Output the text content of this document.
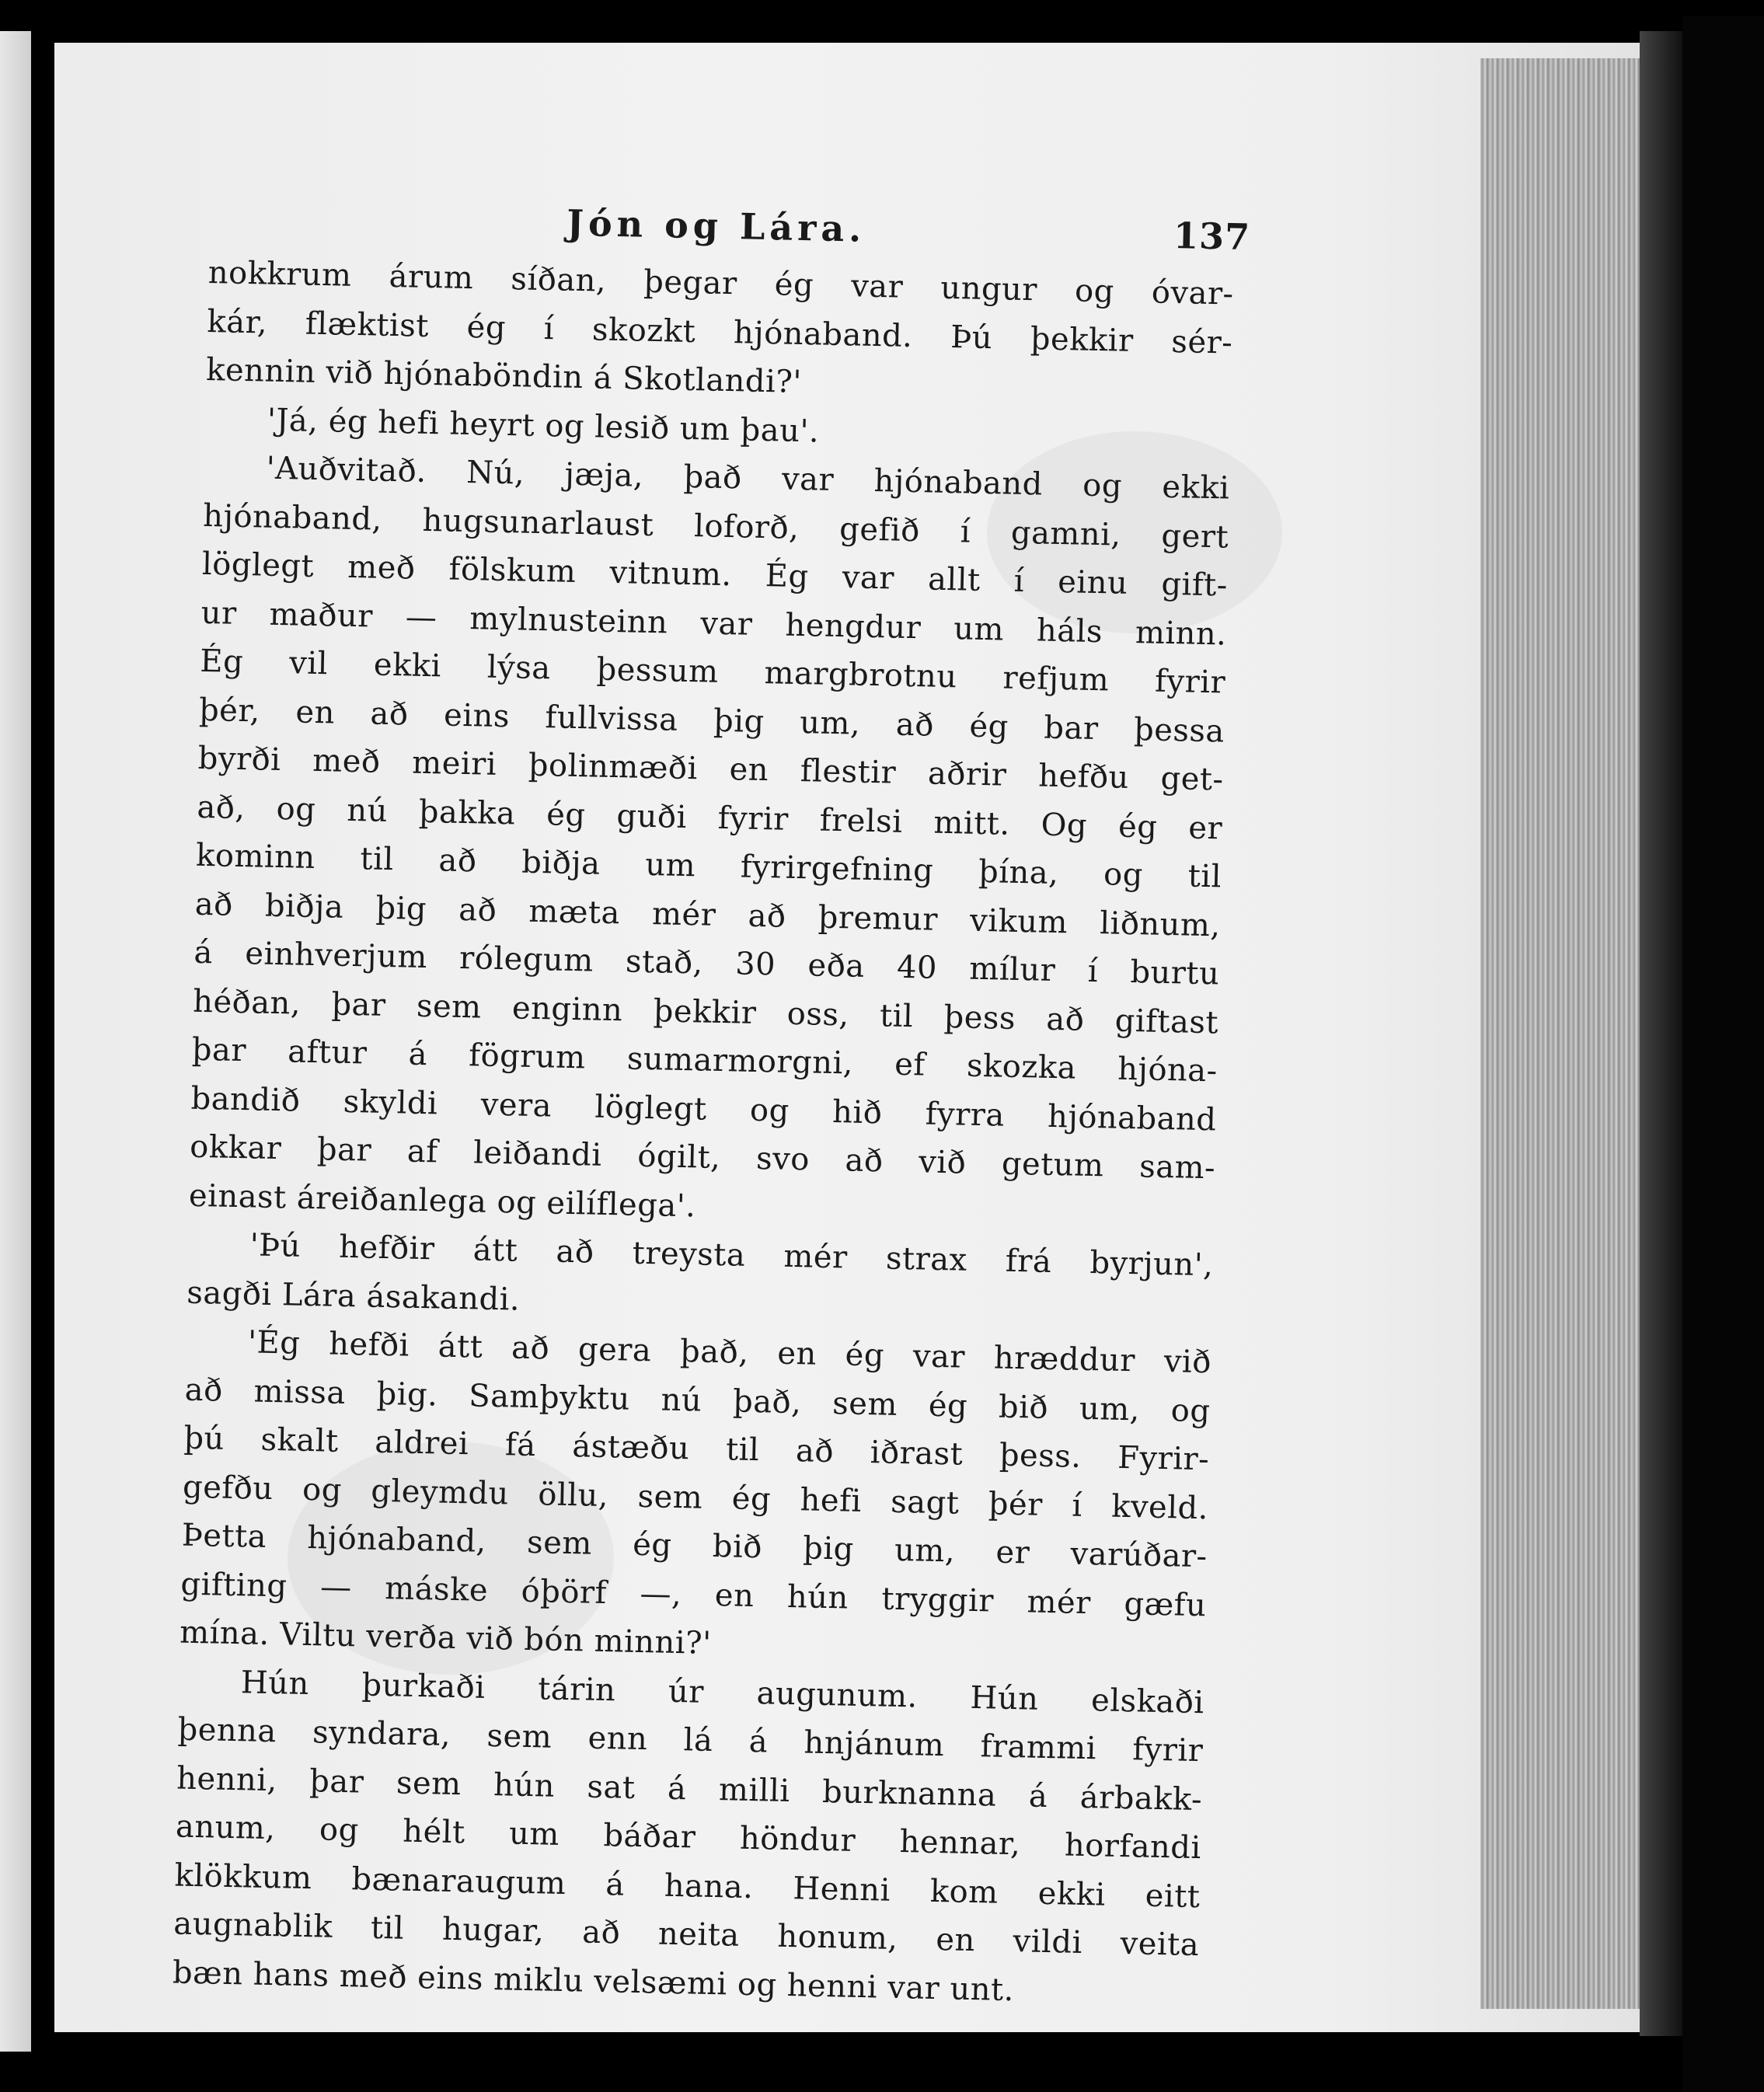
Jón og Lára.	137
nokkrum árum síðan, þegar ég var ungur og óvar-
kár, flæktist ég í skozkt hjónaband. Þú þekkir sér-
kennin við hjónaböndin á Skotlandi?'
'Já, ég hefi heyrt og lesið um þau'.
'Auðvitað. Nú, jæja, það var hjónaband og ekki
hjónaband, hugsunarlaust loforð, gefið í gamni, gert
löglegt með fölskum vitnum. Ég var allt í einu gift-
ur maður — mylnusteinn var hengdur um háls minn.
Ég vil ekki lýsa þessum margbrotnu refjum fyrir
þér, en að eins fullvissa þig um, að ég bar þessa
byrði með meiri þolinmæði en flestir aðrir hefðu get-
að, og nú þakka ég guði fyrir frelsi mitt. Og ég er
kominn til að biðja um fyrirgefning þína, og til
að biðja þig að mæta mér að þremur vikum liðnum,
á einhverjum rólegum stað, 30 eða 40 mílur í burtu
héðan, þar sem enginn þekkir oss, til þess að giftast
þar aftur á fögrum sumarmorgni, ef skozka hjóna-
bandið skyldi vera löglegt og hið fyrra hjónaband
okkar þar af leiðandi ógilt, svo að við getum sam-
einast áreiðanlega og eilíflega'.
'Þú hefðir átt að treysta mér strax frá byrjun',
sagði Lára ásakandi.
'Ég hefði átt að gera það, en ég var hræddur við
að missa þig. Samþyktu nú það, sem ég bið um, og
þú skalt aldrei fá ástæðu til að iðrast þess. Fyrir-
gefðu og gleymdu öllu, sem ég hefi sagt þér í kveld.
Þetta hjónaband, sem ég bið þig um, er varúðar-
gifting — máske óþörf —, en hún tryggir mér gæfu
mína. Viltu verða við bón minni?'
Hún þurkaði tárin úr augunum. Hún elskaði
þenna syndara, sem enn lá á hnjánum frammi fyrir
henni, þar sem hún sat á milli burknanna á árbakk-
anum, og hélt um báðar höndur hennar, horfandi
klökkum bænaraugum á hana. Henni kom ekki eitt
augnablik til hugar, að neita honum, en vildi veita
bæn hans með eins miklu velsæmi og henni var unt.
